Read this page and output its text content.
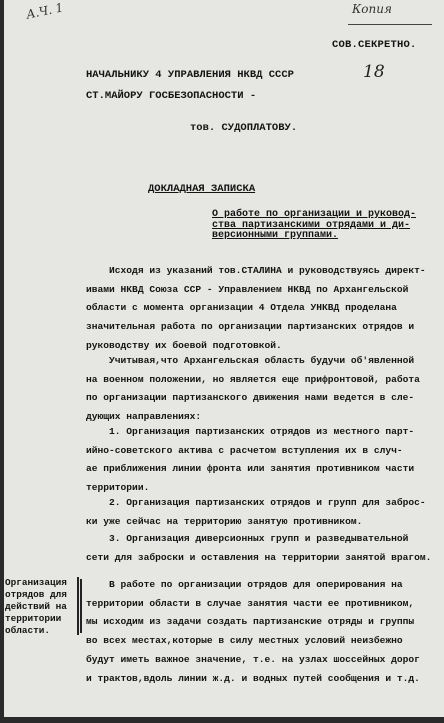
А.Ч. 1	Копия
СОВ.СЕКРЕТНО.
18
НАЧАЛЬНИКУ 4 УПРАВЛЕНИЯ НКВД СССР
СТ.МАЙОРУ ГОСБЕЗОПАСНОСТИ -
тов. СУДОПЛАТОВУ.
ДОКЛАДНАЯ ЗАПИСКА
О работе по организации и руковод-
ства партизанскими отрядами и ди-
версионными группами.
Исходя из указаний тов.СТАЛИНА и руководствуясь директ-
ивами НКВД Союза ССР - Управлением НКВД по Архангельской
области с момента организации 4 Отдела УНКВД проделана
значительная работа по организации партизанских отрядов и
руководству их боевой подготовкой.
Учитывая,что Архангельская область будучи об'явленной
на военном положении, но является еще прифронтовой, работа
по организации партизанского движения нами ведется в сле-
дующих направлениях:
1. Организация партизанских отрядов из местного парт-
ийно-советского актива с расчетом вступления их в случ-
ае приближения линии фронта или занятия противником части
территории.
2. Организация партизанских отрядов и групп для заброс-
ки уже сейчас на территорию занятую противником.
3. Организация диверсионных групп и разведывательной
сети для заброски и оставления на территории занятой врагом.
В работе по организации отрядов для оперирования на
территории области в случае занятия части ее противником,
мы исходим из задачи создать партизанские отряды и группы
во всех местах,которые в силу местных условий неизбежно
будут иметь важное значение, т.е. на узлах шоссейных дорог
и трактов,вдоль линии ж.д. и водных путей сообщения и т.д.
Организация
отрядов для
действий на
территории
области.
